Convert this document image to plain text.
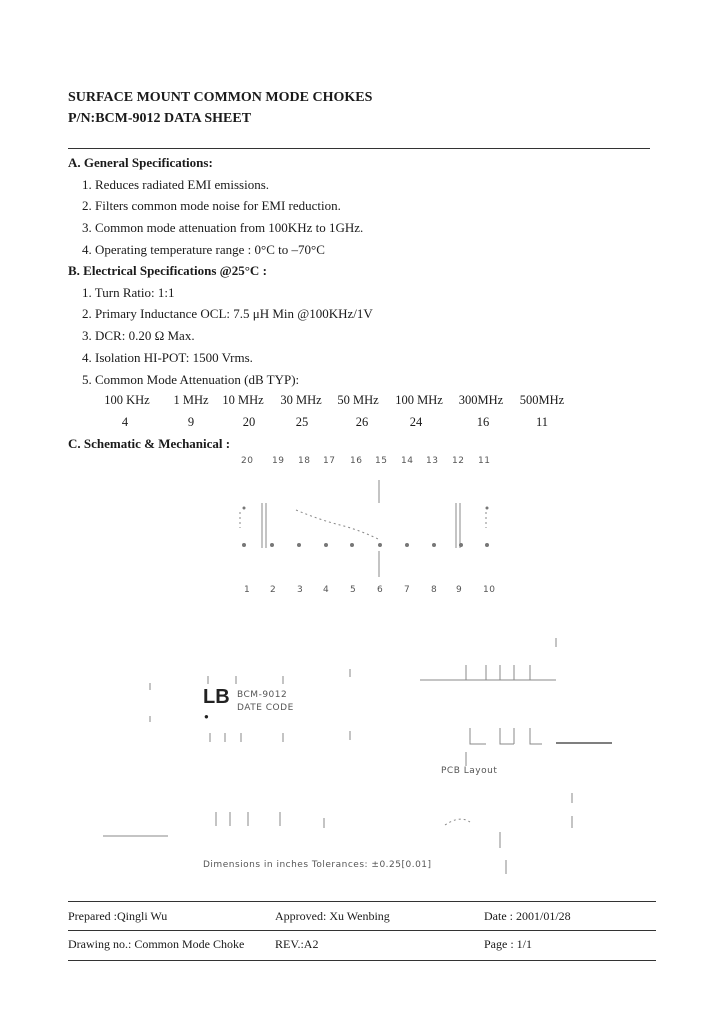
SURFACE MOUNT COMMON MODE CHOKES
P/N:BCM-9012 DATA SHEET
A. General Specifications:
1. Reduces radiated EMI emissions.
2. Filters common mode noise for EMI reduction.
3. Common mode attenuation from 100KHz to 1GHz.
4. Operating temperature range : 0°C to –70°C
B. Electrical Specifications @25°C :
1. Turn Ratio: 1:1
2. Primary Inductance OCL: 7.5 μH Min @100KHz/1V
3. DCR: 0.20 Ω Max.
4. Isolation HI-POT: 1500 Vrms.
5. Common Mode Attenuation (dB TYP):
100 KHz	1 MHz	10 MHz	30 MHz	50 MHz	100 MHz	300MHz	500MHz
4	9	20	25	26	24	16	11
C. Schematic & Mechanical :
20 19 18 17 16 15 14 13 12 11
1 2 3 4 5 6 7 8 9 10
LB BCM-9012
DATE CODE
●
PCB Layout
Dimensions in inches Tolerances: ±0.25[0.01]
Prepared :Qingli Wu	Approved: Xu Wenbing	Date : 2001/01/28
Drawing no.: Common Mode Choke	REV.:A2	Page : 1/1
